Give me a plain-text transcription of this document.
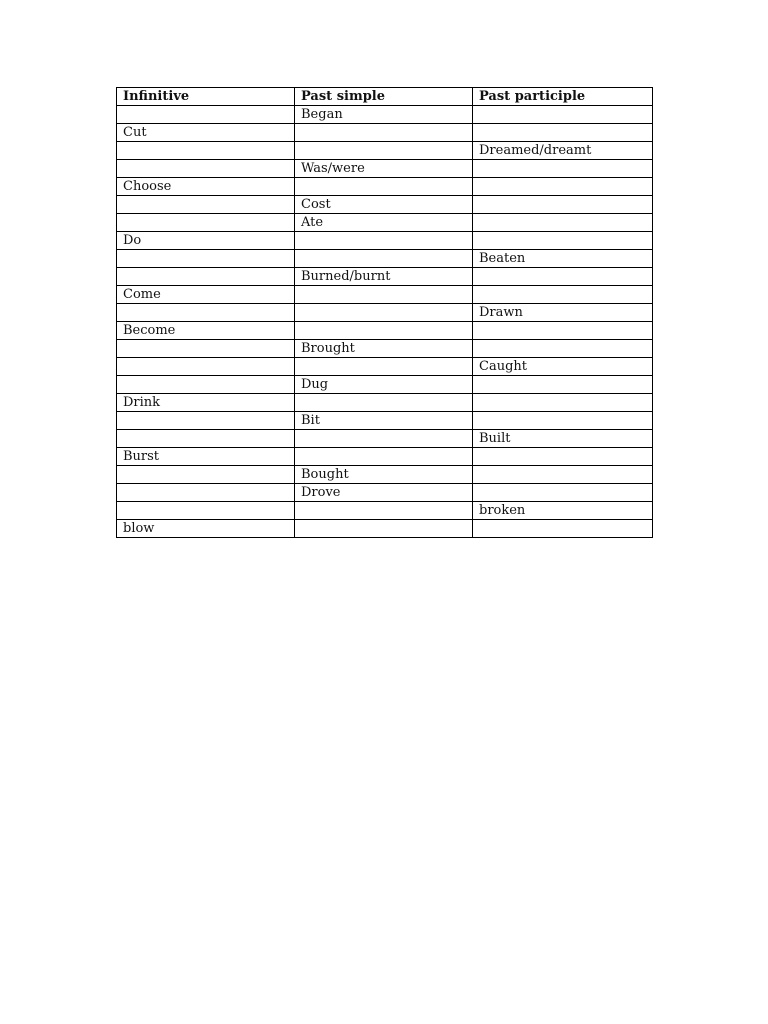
Infinitive	Past simple	Past participle
	Began	
Cut		
		Dreamed/dreamt
	Was/were	
Choose		
	Cost	
	Ate	
Do		
		Beaten
	Burned/burnt	
Come		
		Drawn
Become		
	Brought	
		Caught
	Dug	
Drink		
	Bit	
		Built
Burst		
	Bought	
	Drove	
		broken
blow		
